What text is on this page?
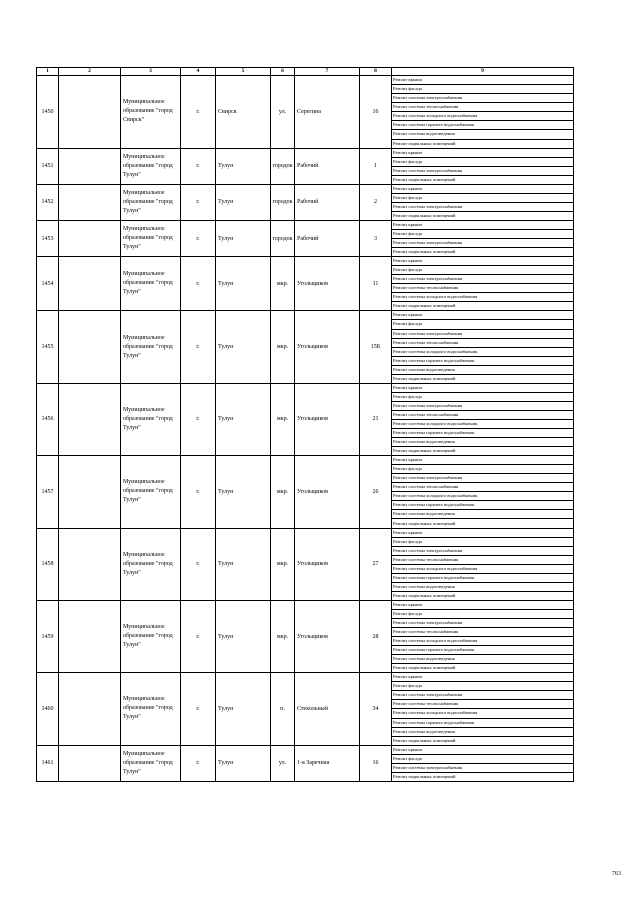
1	2	3	4	5	6	7	8	9
1450		Муниципальное образование "город Свирск"	г.	Свирск	ул.	Серегина	16	Ремонт крыши
								Ремонт фасада
								Ремонт системы электроснабжения
								Ремонт системы теплоснабжения
								Ремонт системы холодного водоснабжения
								Ремонт системы горячего водоснабжения
								Ремонт системы водоотведения
								Ремонт подвальных помещений
1451		Муниципальное образование "город Тулун"	г.	Тулун	городок	Рабочий	1	Ремонт крыши
								Ремонт фасада
								Ремонт системы электроснабжения
								Ремонт подвальных помещений
1452		Муниципальное образование "город Тулун"	г.	Тулун	городок	Рабочий	2	Ремонт крыши
								Ремонт фасада
								Ремонт системы электроснабжения
								Ремонт подвальных помещений
1453		Муниципальное образование "город Тулун"	г.	Тулун	городок	Рабочий	3	Ремонт крыши
								Ремонт фасада
								Ремонт системы электроснабжения
								Ремонт подвальных помещений
1454		Муниципальное образование "город Тулун"	г.	Тулун	мкр.	Угольщиков	11	Ремонт крыши
								Ремонт фасада
								Ремонт системы электроснабжения
								Ремонт системы теплоснабжения
								Ремонт системы холодного водоснабжения
								Ремонт подвальных помещений
1455		Муниципальное образование "город Тулун"	г.	Тулун	мкр.	Угольщиков	15Б	Ремонт крыши
								Ремонт фасада
								Ремонт системы электроснабжения
								Ремонт системы теплоснабжения
								Ремонт системы холодного водоснабжения
								Ремонт системы горячего водоснабжения
								Ремонт системы водоотведения
								Ремонт подвальных помещений
1456		Муниципальное образование "город Тулун"	г.	Тулун	мкр.	Угольщиков	21	Ремонт крыши
								Ремонт фасада
								Ремонт системы электроснабжения
								Ремонт системы теплоснабжения
								Ремонт системы холодного водоснабжения
								Ремонт системы горячего водоснабжения
								Ремонт системы водоотведения
								Ремонт подвальных помещений
1457		Муниципальное образование "город Тулун"	г.	Тулун	мкр.	Угольщиков	26	Ремонт крыши
								Ремонт фасада
								Ремонт системы электроснабжения
								Ремонт системы теплоснабжения
								Ремонт системы холодного водоснабжения
								Ремонт системы горячего водоснабжения
								Ремонт системы водоотведения
								Ремонт подвальных помещений
1458		Муниципальное образование "город Тулун"	г.	Тулун	мкр.	Угольщиков	27	Ремонт крыши
								Ремонт фасада
								Ремонт системы электроснабжения
								Ремонт системы теплоснабжения
								Ремонт системы холодного водоснабжения
								Ремонт системы горячего водоснабжения
								Ремонт системы водоотведения
								Ремонт подвальных помещений
1459		Муниципальное образование "город Тулун"	г.	Тулун	мкр.	Угольщиков	28	Ремонт крыши
								Ремонт фасада
								Ремонт системы электроснабжения
								Ремонт системы теплоснабжения
								Ремонт системы холодного водоснабжения
								Ремонт системы горячего водоснабжения
								Ремонт системы водоотведения
								Ремонт подвальных помещений
1460		Муниципальное образование "город Тулун"	г.	Тулун	п.	Стекольный	34	Ремонт крыши
								Ремонт фасада
								Ремонт системы электроснабжения
								Ремонт системы теплоснабжения
								Ремонт системы холодного водоснабжения
								Ремонт системы горячего водоснабжения
								Ремонт системы водоотведения
								Ремонт подвальных помещений
1461		Муниципальное образование "город Тулун"	г.	Тулун	ул.	1-я Заречная	16	Ремонт крыши
								Ремонт фасада
								Ремонт системы электроснабжения
								Ремонт подвальных помещений
763
